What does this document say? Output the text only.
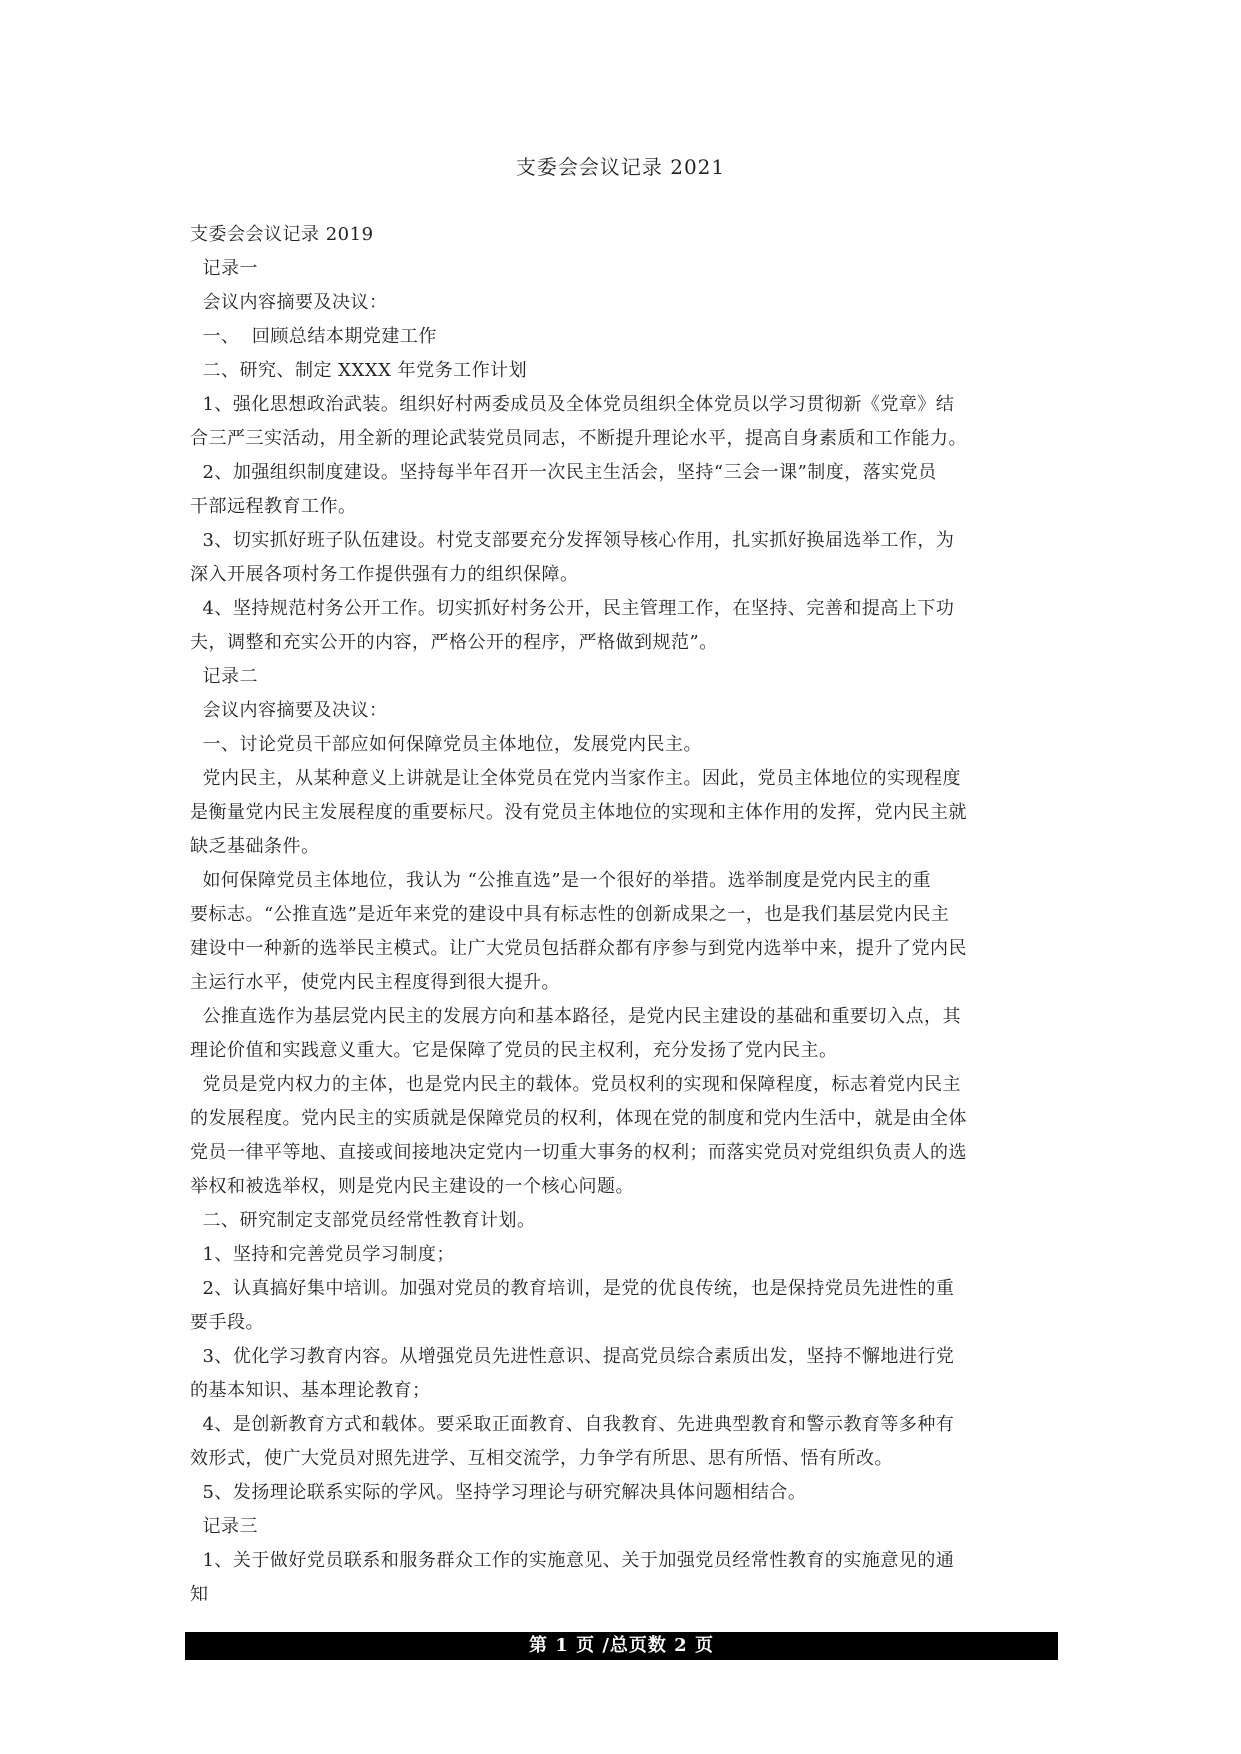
支委会会议记录 2021
支委会会议记录 2019
记录一
会议内容摘要及决议：
一、  回顾总结本期党建工作
二、研究、制定 XXXX 年党务工作计划
1、强化思想政治武装。组织好村两委成员及全体党员组织全体党员以学习贯彻新《党章》结
合三严三实活动，用全新的理论武装党员同志，不断提升理论水平，提高自身素质和工作能力。
2、加强组织制度建设。坚持每半年召开一次民主生活会，坚持“三会一课”制度，落实党员
干部远程教育工作。
3、切实抓好班子队伍建设。村党支部要充分发挥领导核心作用，扎实抓好换届选举工作，为
深入开展各项村务工作提供强有力的组织保障。
4、坚持规范村务公开工作。切实抓好村务公开，民主管理工作，在坚持、完善和提高上下功
夫，调整和充实公开的内容，严格公开的程序，严格做到规范”。
记录二
会议内容摘要及决议：
一、讨论党员干部应如何保障党员主体地位，发展党内民主。
党内民主，从某种意义上讲就是让全体党员在党内当家作主。因此，党员主体地位的实现程度
是衡量党内民主发展程度的重要标尺。没有党员主体地位的实现和主体作用的发挥，党内民主就
缺乏基础条件。
如何保障党员主体地位，我认为 “公推直选”是一个很好的举措。选举制度是党内民主的重
要标志。“公推直选”是近年来党的建设中具有标志性的创新成果之一，也是我们基层党内民主
建设中一种新的选举民主模式。让广大党员包括群众都有序参与到党内选举中来，提升了党内民
主运行水平，使党内民主程度得到很大提升。
公推直选作为基层党内民主的发展方向和基本路径，是党内民主建设的基础和重要切入点，其
理论价值和实践意义重大。它是保障了党员的民主权利，充分发扬了党内民主。
党员是党内权力的主体，也是党内民主的载体。党员权利的实现和保障程度，标志着党内民主
的发展程度。党内民主的实质就是保障党员的权利，体现在党的制度和党内生活中，就是由全体
党员一律平等地、直接或间接地决定党内一切重大事务的权利；而落实党员对党组织负责人的选
举权和被选举权，则是党内民主建设的一个核心问题。
二、研究制定支部党员经常性教育计划。
1、坚持和完善党员学习制度；
2、认真搞好集中培训。加强对党员的教育培训，是党的优良传统，也是保持党员先进性的重
要手段。
3、优化学习教育内容。从增强党员先进性意识、提高党员综合素质出发，坚持不懈地进行党
的基本知识、基本理论教育；
4、是创新教育方式和载体。要采取正面教育、自我教育、先进典型教育和警示教育等多种有
效形式，使广大党员对照先进学、互相交流学，力争学有所思、思有所悟、悟有所改。
5、发扬理论联系实际的学风。坚持学习理论与研究解决具体问题相结合。
记录三
1、关于做好党员联系和服务群众工作的实施意见、关于加强党员经常性教育的实施意见的通
知
第 1 页 /总页数 2 页
